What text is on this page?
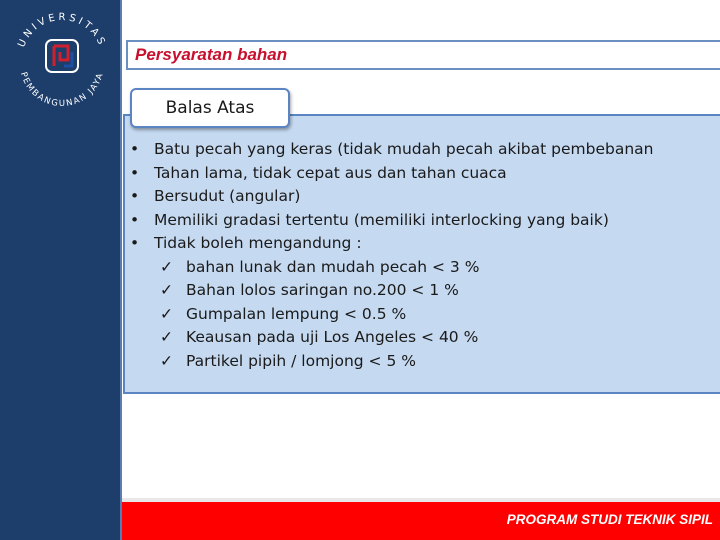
UNIVERSITAS
PEMBANGUNAN JAYA
Persyaratan bahan
Balas Atas
• Batu pecah yang keras (tidak mudah pecah akibat pembebanan
• Tahan lama, tidak cepat aus dan tahan cuaca
• Bersudut (angular)
• Memiliki gradasi tertentu (memiliki interlocking yang baik)
• Tidak boleh mengandung :
✓ bahan lunak dan mudah pecah < 3 %
✓ Bahan lolos saringan no.200 < 1 %
✓ Gumpalan lempung < 0.5 %
✓ Keausan pada uji Los Angeles < 40 %
✓ Partikel pipih / lomjong < 5 %
PROGRAM STUDI TEKNIK SIPIL
